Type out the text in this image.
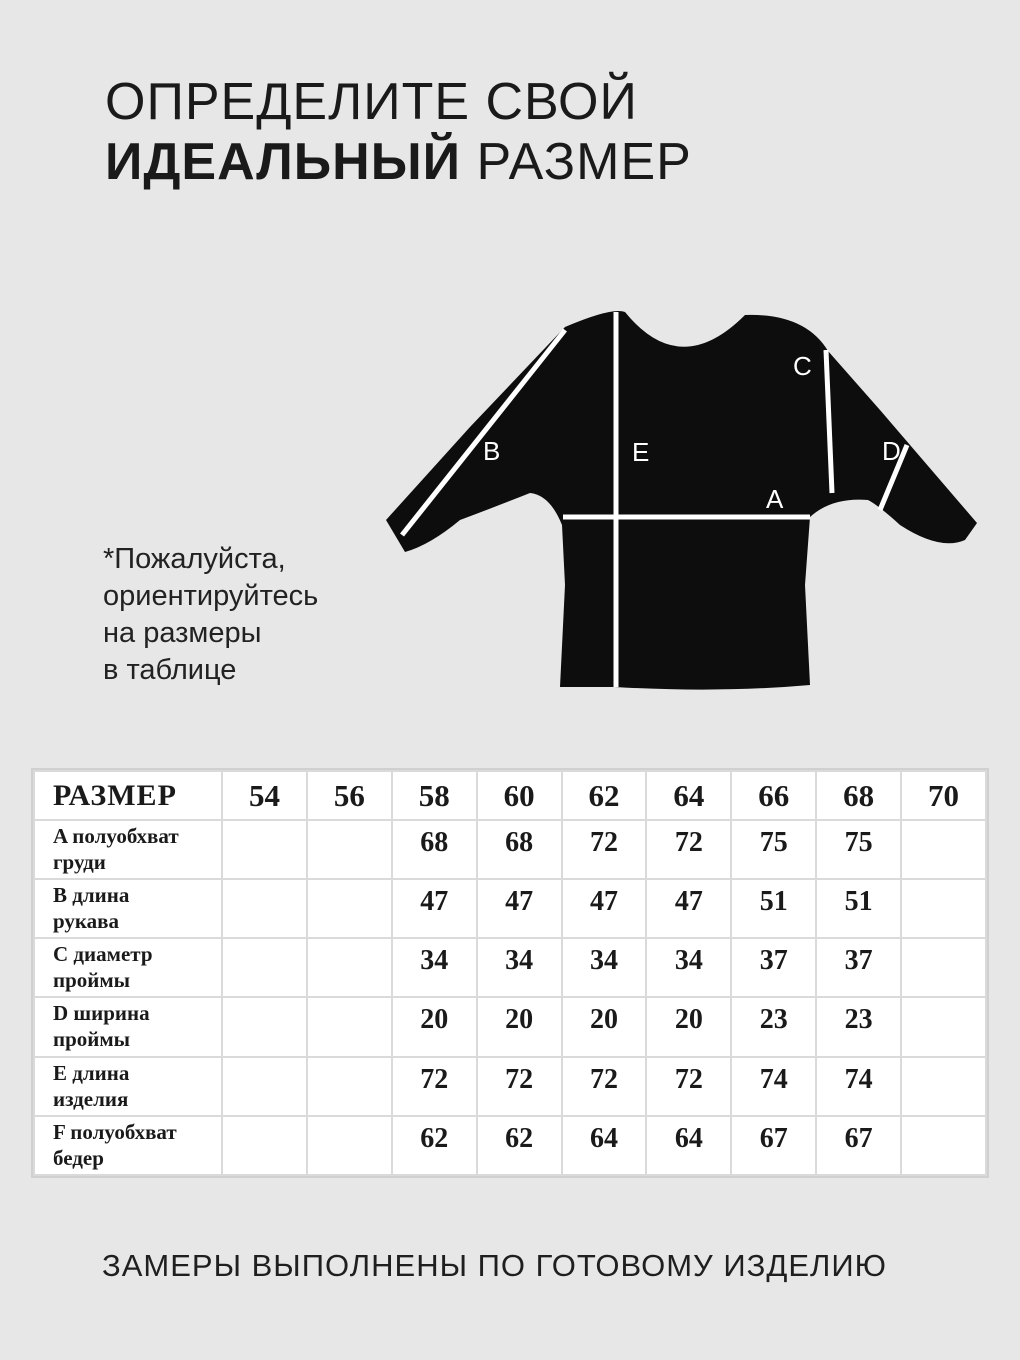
ОПРЕДЕЛИТЕ СВОЙ
ИДЕАЛЬНЫЙ РАЗМЕР
B	E
A
C
D
*Пожалуйста,
ориентируйтесь
на размеры
в таблице
РАЗМЕР	54	56	58	60	62	64	66	68	70

A полуобхват
груди			68	68	72	72	75	75	

B длина
рукава			47	47	47	47	51	51	

C диаметр
проймы			34	34	34	34	37	37	

D ширина
проймы			20	20	20	20	23	23	

E длина
изделия			72	72	72	72	74	74	

F полуобхват
бедер			62	62	64	64	67	67	
ЗАМЕРЫ ВЫПОЛНЕНЫ ПО ГОТОВОМУ ИЗДЕЛИЮ
